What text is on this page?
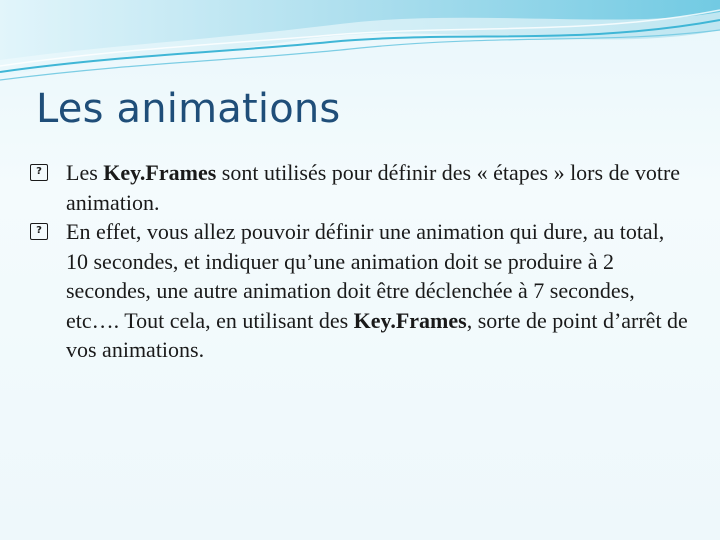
Les animations
? Les Key.Frames sont utilisés pour définir des « étapes » lors de votre animation.
? En effet, vous allez pouvoir définir une animation qui dure, au total, 10 secondes, et indiquer qu’une animation doit se produire à 2 secondes, une autre animation doit être déclenchée à 7 secondes, etc…. Tout cela, en utilisant des Key.Frames, sorte de point d’arrêt de vos animations.
